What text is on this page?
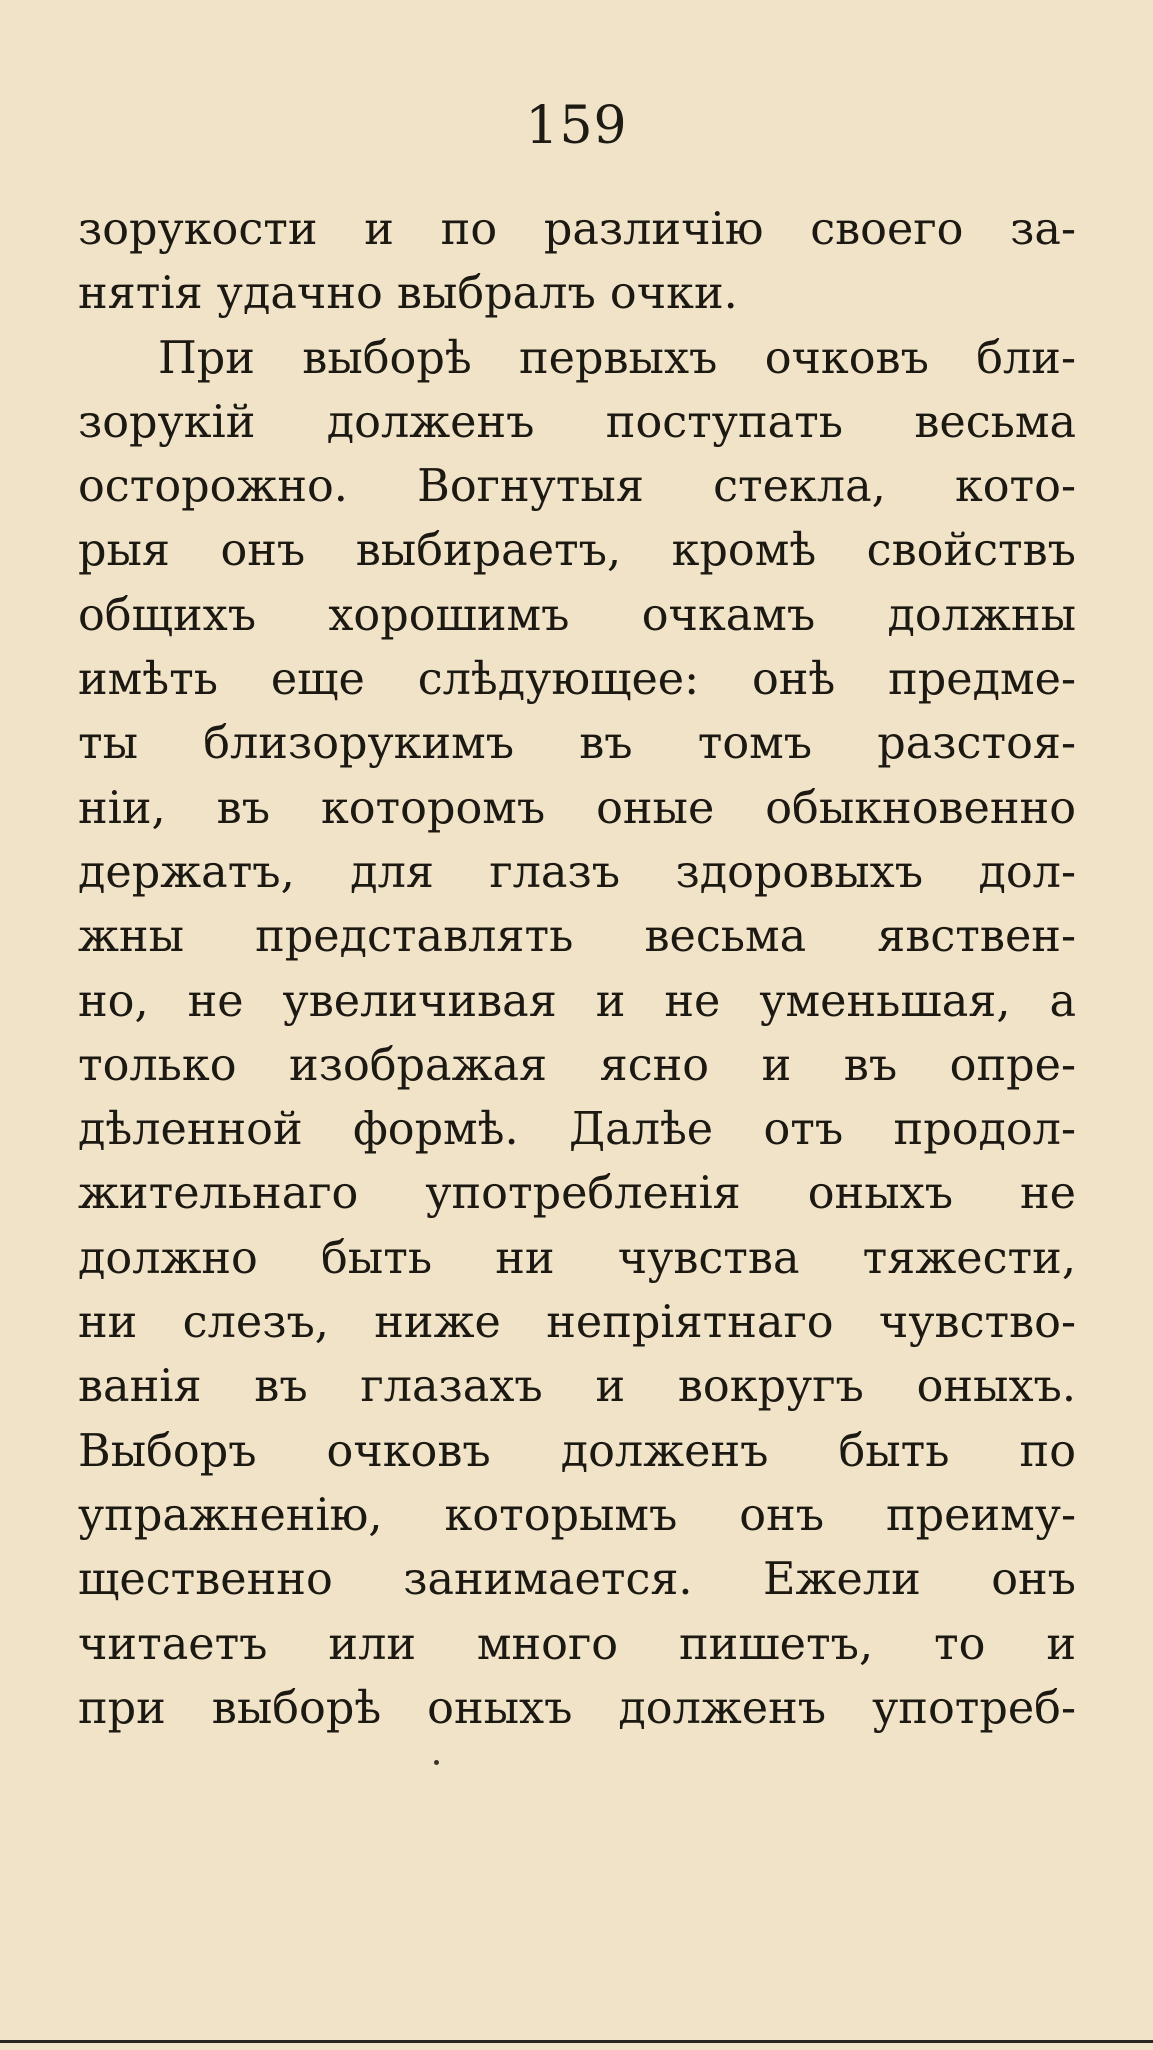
159
зорукости и по различію своего за-
нятія удачно выбралъ очки.
При выборѣ первыхъ очковъ бли-
зорукій долженъ поступать весьма
осторожно. Вогнутыя стекла, кото-
рыя онъ выбираетъ, кромѣ свойствъ
общихъ хорошимъ очкамъ должны
имѣть еще слѣдующее: онѣ предме-
ты близорукимъ въ томъ разстоя-
ніи, въ которомъ оные обыкновенно
держатъ, для глазъ здоровыхъ дол-
жны представлять весьма явствен-
но, не увеличивая и не уменьшая, а
только изображая ясно и въ опре-
дѣленной формѣ. Далѣе отъ продол-
жительнаго употребленія оныхъ не
должно быть ни чувства тяжести,
ни слезъ, ниже непріятнаго чувство-
ванія въ глазахъ и вокругъ оныхъ.
Выборъ очковъ долженъ быть по
упражненію, которымъ онъ преиму-
щественно занимается. Ежели онъ
читаетъ или много пишетъ, то и
при выборѣ оныхъ долженъ употреб-
